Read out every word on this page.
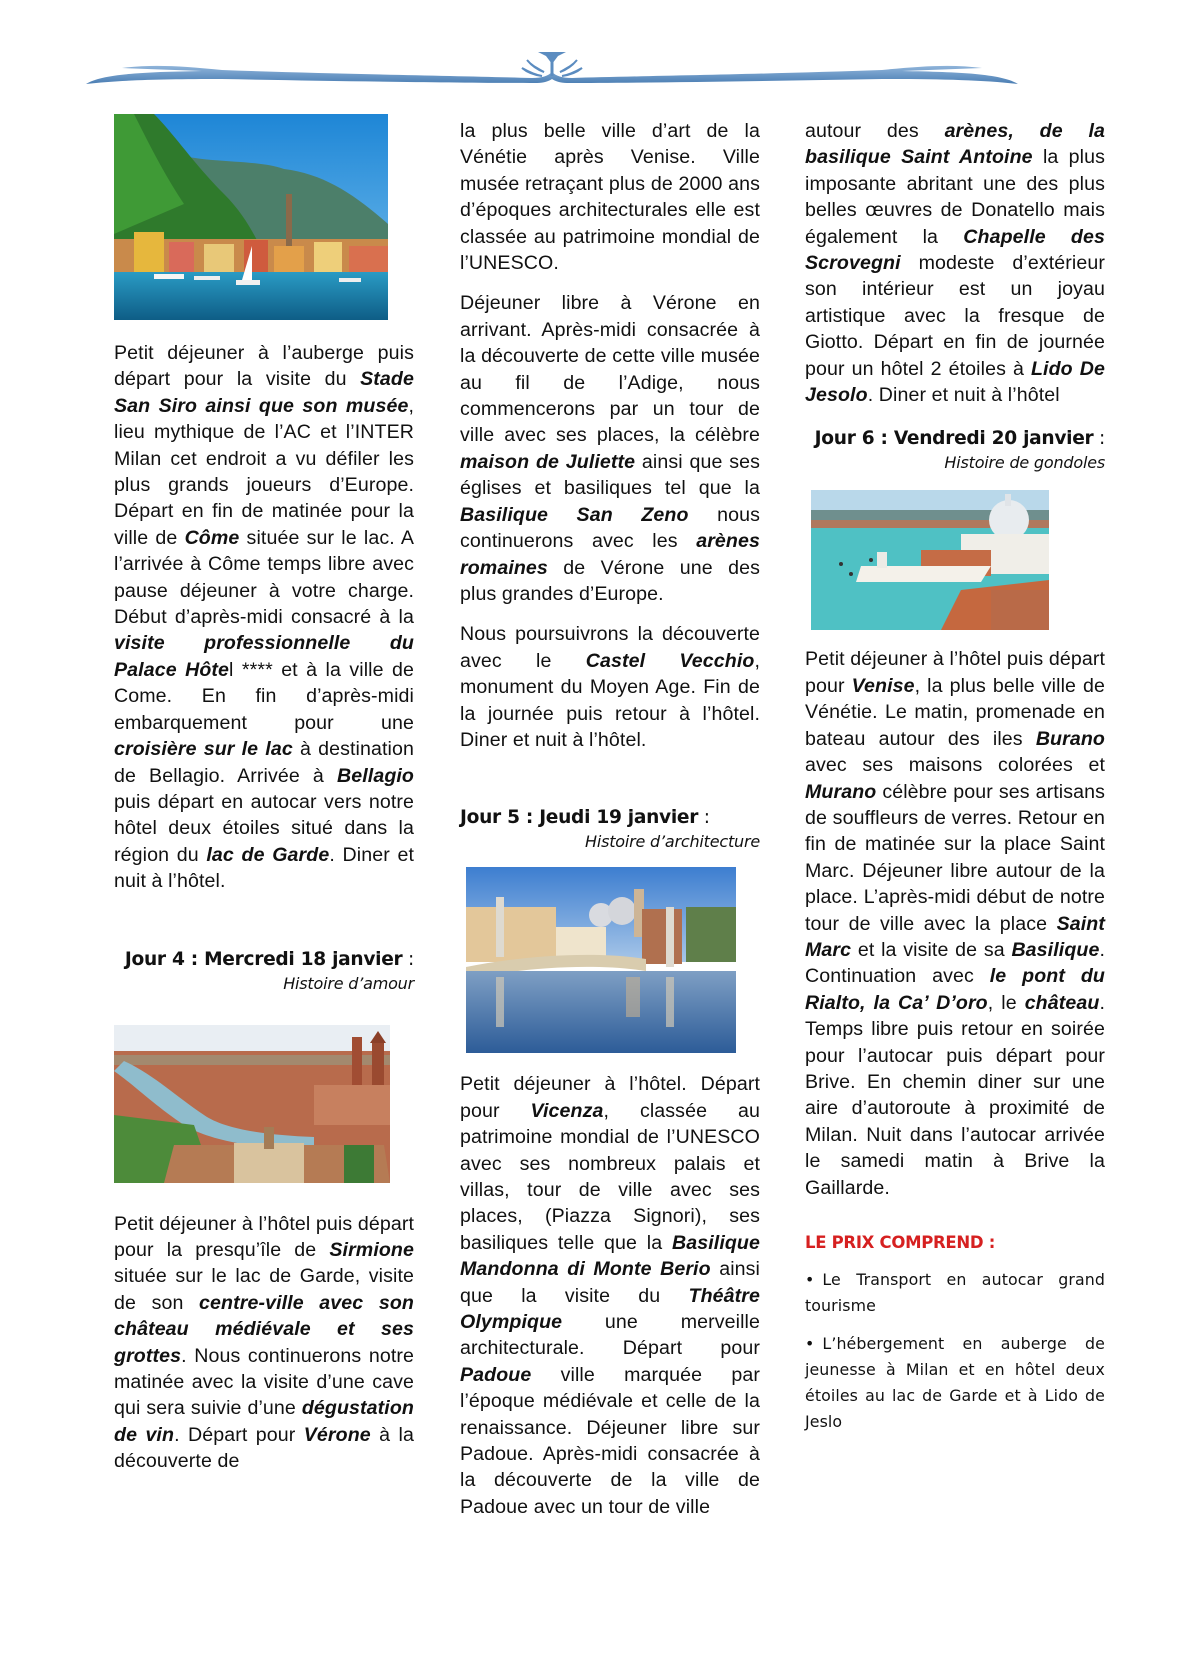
Petit déjeuner à l’auberge puis départ pour la visite du Stade San Siro ainsi que son musée, lieu mythique de l’AC et l’INTER Milan cet endroit a vu défiler les plus grands joueurs d’Europe. Départ en fin de matinée pour la ville de Côme située sur le lac. A l’arrivée à Côme temps libre avec pause déjeuner à votre charge. Début d’après-midi consacré à la visite professionnelle du Palace Hôtel **** et à la ville de Come. En fin d’après-midi embarquement pour une croisière sur le lac à destination de Bellagio. Arrivée à Bellagio puis départ en autocar vers notre hôtel deux étoiles situé dans la région du lac de Garde. Diner et nuit à l’hôtel.

Jour 4 : Mercredi 18 janvier :
Histoire d’amour

Petit déjeuner à l’hôtel puis départ pour la presqu’île de Sirmione située sur le lac de Garde, visite de son centre-ville avec son château médiévale et ses grottes. Nous continuerons notre matinée avec la visite d’une cave qui sera suivie d’une dégustation de vin. Départ pour Vérone à la découverte de

la plus belle ville d’art de la Vénétie après Venise. Ville musée retraçant plus de 2000 ans d’époques architecturales elle est classée au patrimoine mondial de l’UNESCO.

Déjeuner libre à Vérone en arrivant. Après-midi consacrée à la découverte de cette ville musée au fil de l’Adige, nous commencerons par un tour de ville avec ses places, la célèbre maison de Juliette ainsi que ses églises et basiliques tel que la Basilique San Zeno nous continuerons avec les arènes romaines de Vérone une des plus grandes d’Europe.

Nous poursuivrons la découverte avec le Castel Vecchio, monument du Moyen Age. Fin de la journée puis retour à l’hôtel. Diner et nuit à l’hôtel.

Jour 5 : Jeudi 19 janvier :
Histoire d’architecture

Petit déjeuner à l’hôtel. Départ pour Vicenza, classée au patrimoine mondial de l’UNESCO avec ses nombreux palais et villas, tour de ville avec ses places, (Piazza Signori), ses basiliques telle que la Basilique Mandonna di Monte Berio ainsi que la visite du Théâtre Olympique une merveille architecturale. Départ pour Padoue ville marquée par l’époque médiévale et celle de la renaissance. Déjeuner libre sur Padoue. Après-midi consacrée à la découverte de la ville de Padoue avec un tour de ville

autour des arènes, de la basilique Saint Antoine la plus imposante abritant une des plus belles œuvres de Donatello mais également la Chapelle des Scrovegni modeste d’extérieur son intérieur est un joyau artistique avec la fresque de Giotto. Départ en fin de journée pour un hôtel 2 étoiles à Lido De Jesolo. Diner et nuit à l’hôtel

Jour 6 : Vendredi 20 janvier :
Histoire de gondoles

Petit déjeuner à l’hôtel puis départ pour Venise, la plus belle ville de Vénétie. Le matin, promenade en bateau autour des iles Burano avec ses maisons colorées et Murano célèbre pour ses artisans de souffleurs de verres. Retour en fin de matinée sur la place Saint Marc. Déjeuner libre autour de la place. L’après-midi début de notre tour de ville avec la place Saint Marc et la visite de sa Basilique. Continuation avec le pont du Rialto, la Ca’ D’oro, le château. Temps libre puis retour en soirée pour l’autocar puis départ pour Brive. En chemin diner sur une aire d’autoroute à proximité de Milan. Nuit dans l’autocar arrivée le samedi matin à Brive la Gaillarde.

LE PRIX COMPREND :
• Le Transport en autocar grand tourisme
• L’hébergement en auberge de jeunesse à Milan et en hôtel deux étoiles au lac de Garde et à Lido de Jeslo
